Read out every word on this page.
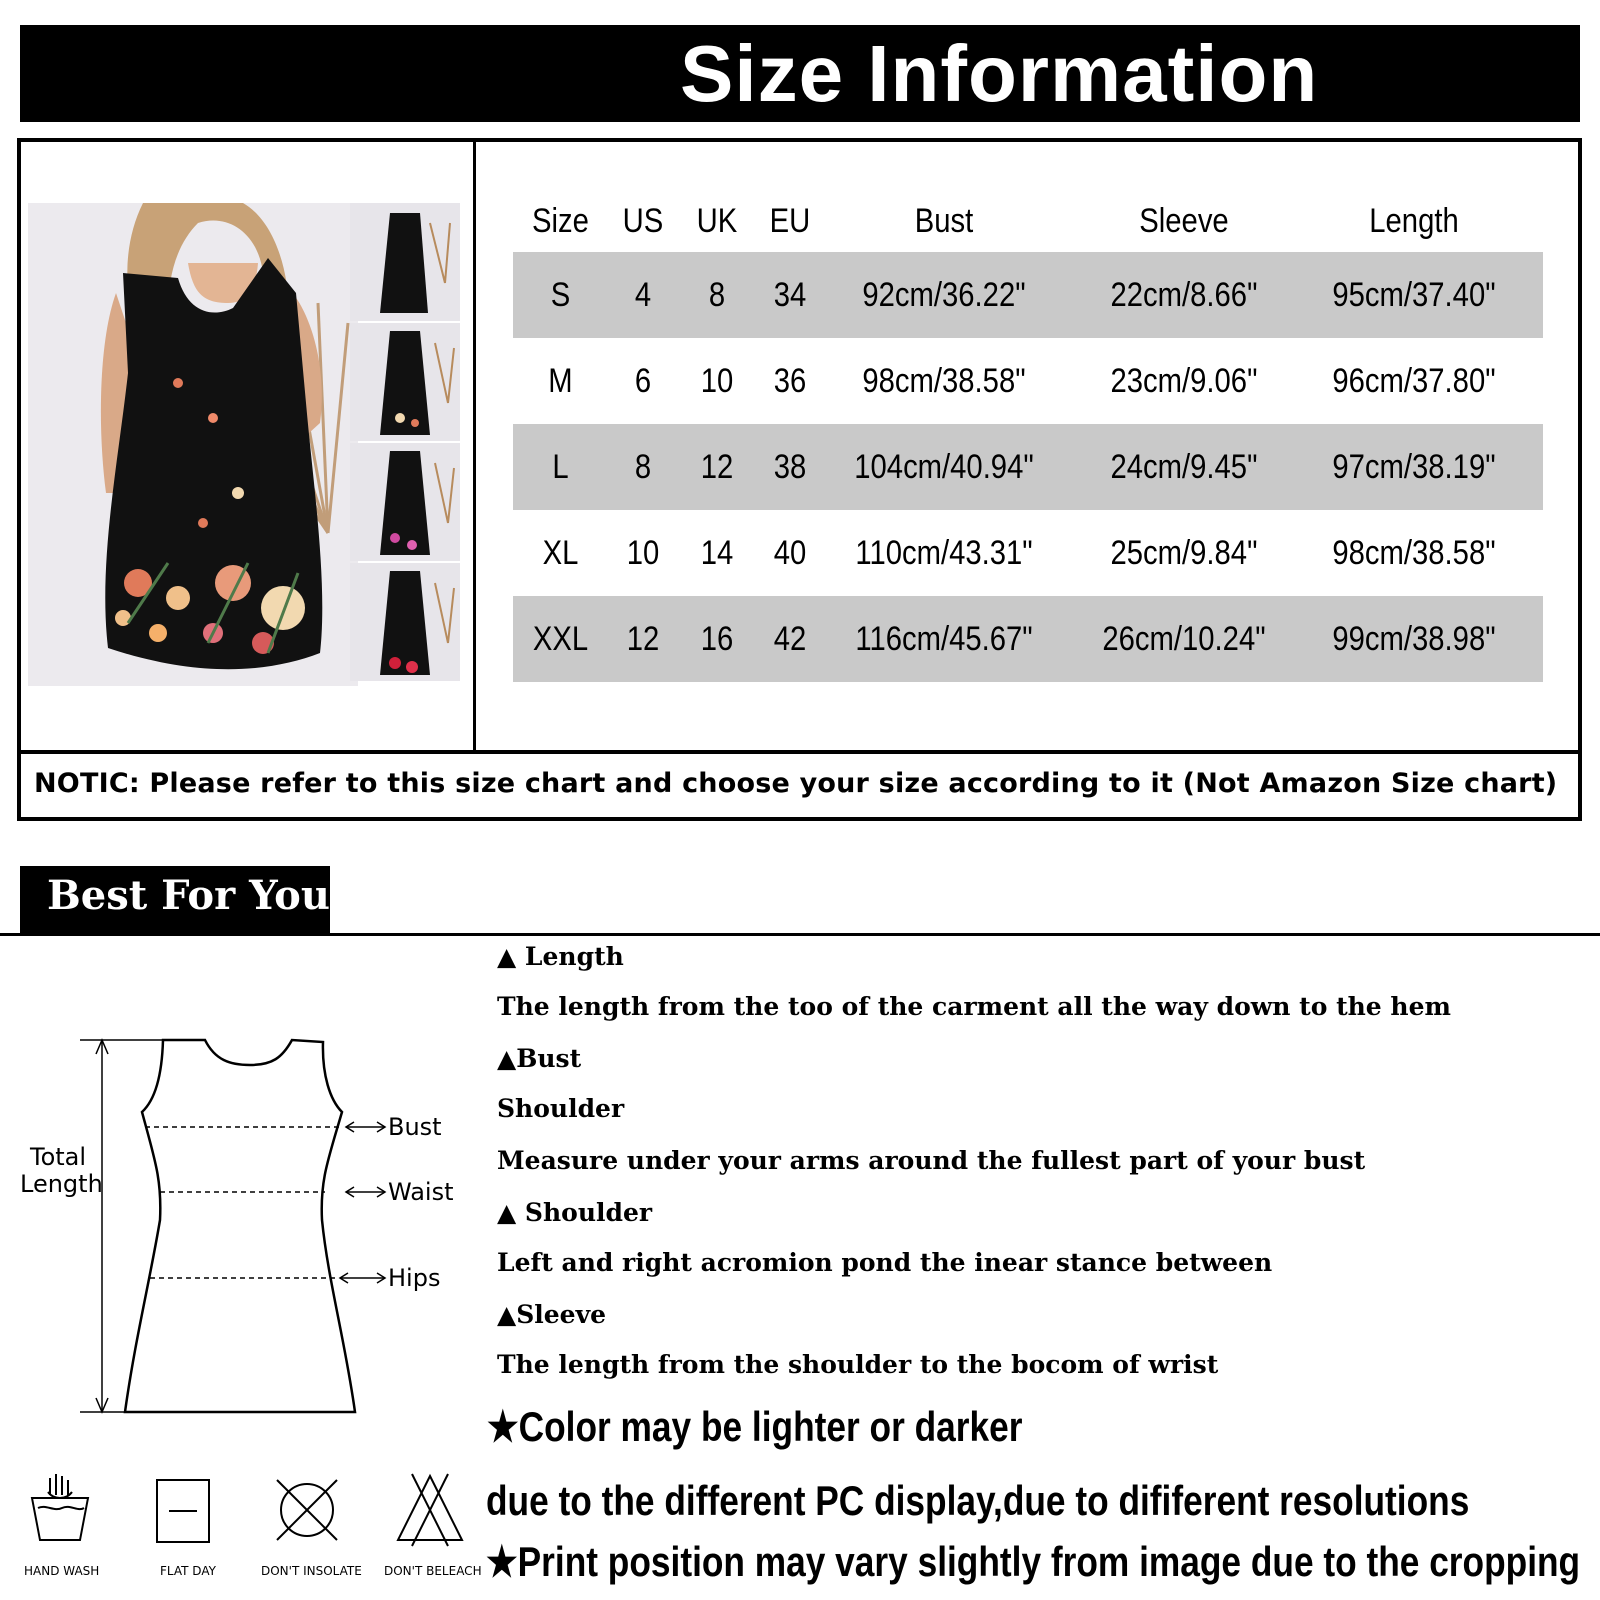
Size Information
Size US UK EU	Bust	Sleeve	Length
S	4	8	34	92cm/36.22"	22cm/8.66"	95cm/37.40"
M	6	10	36	98cm/38.58"	23cm/9.06"	96cm/37.80"
L	8	12	38	104cm/40.94"	24cm/9.45"	97cm/38.19"
XL	10	14	40	110cm/43.31"	25cm/9.84"	98cm/38.58"
XXL	12	16	42	116cm/45.67"	26cm/10.24"	99cm/38.98"
NOTIC: Please refer to this size chart and choose your size according to it (Not Amazon Size chart)
Best For You
▲ Length
The length from the too of the carment all the way down to the hem
▲Bust
Shoulder
Measure under your arms around the fullest part of your bust
▲ Shoulder
Left and right acromion pond the inear stance between
▲Sleeve
The length from the shoulder to the bocom of wrist
★Color may be lighter or darker
due to the different PC display,due to dififerent resolutions
★Print position may vary slightly from image due to the cropping
Bust
Waist
Hips
Total
Length
HAND WASH	FLAT DAY	DON'T INSOLATE DON'T BELEACH
